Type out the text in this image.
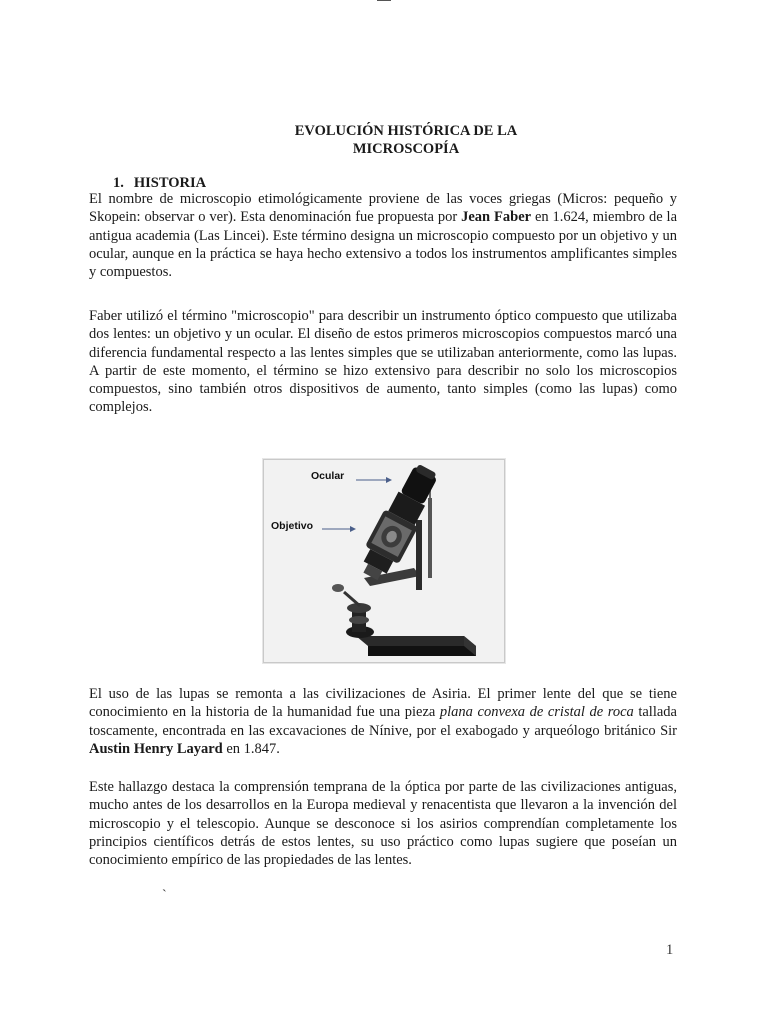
EVOLUCIÓN HISTÓRICA DE LA
MICROSCOPÍA
1. HISTORIA

El nombre de microscopio etimológicamente proviene de las voces griegas (Micros: pequeño y Skopein: observar o ver). Esta denominación fue propuesta por Jean Faber en 1.624, miembro de la antigua academia (Las Lincei). Este término designa un microscopio compuesto por un objetivo y un ocular, aunque en la práctica se haya hecho extensivo a todos los instrumentos amplificantes simples y compuestos.

Faber utilizó el término "microscopio" para describir un instrumento óptico compuesto que utilizaba dos lentes: un objetivo y un ocular. El diseño de estos primeros microscopios compuestos marcó una diferencia fundamental respecto a las lentes simples que se utilizaban anteriormente, como las lupas. A partir de este momento, el término se hizo extensivo para describir no solo los microscopios compuestos, sino también otros dispositivos de aumento, tanto simples (como las lupas) como complejos.

Ocular
Objetivo

El uso de las lupas se remonta a las civilizaciones de Asiria. El primer lente del que se tiene conocimiento en la historia de la humanidad fue una pieza plana convexa de cristal de roca tallada toscamente, encontrada en las excavaciones de Nínive, por el exabogado y arqueólogo británico Sir Austin Henry Layard en 1.847.

Este hallazgo destaca la comprensión temprana de la óptica por parte de las civilizaciones antiguas, mucho antes de los desarrollos en la Europa medieval y renacentista que llevaron a la invención del microscopio y el telescopio. Aunque se desconoce si los asirios comprendían completamente los principios científicos detrás de estos lentes, su uso práctico como lupas sugiere que poseían un conocimiento empírico de las propiedades de las lentes.

`
1
